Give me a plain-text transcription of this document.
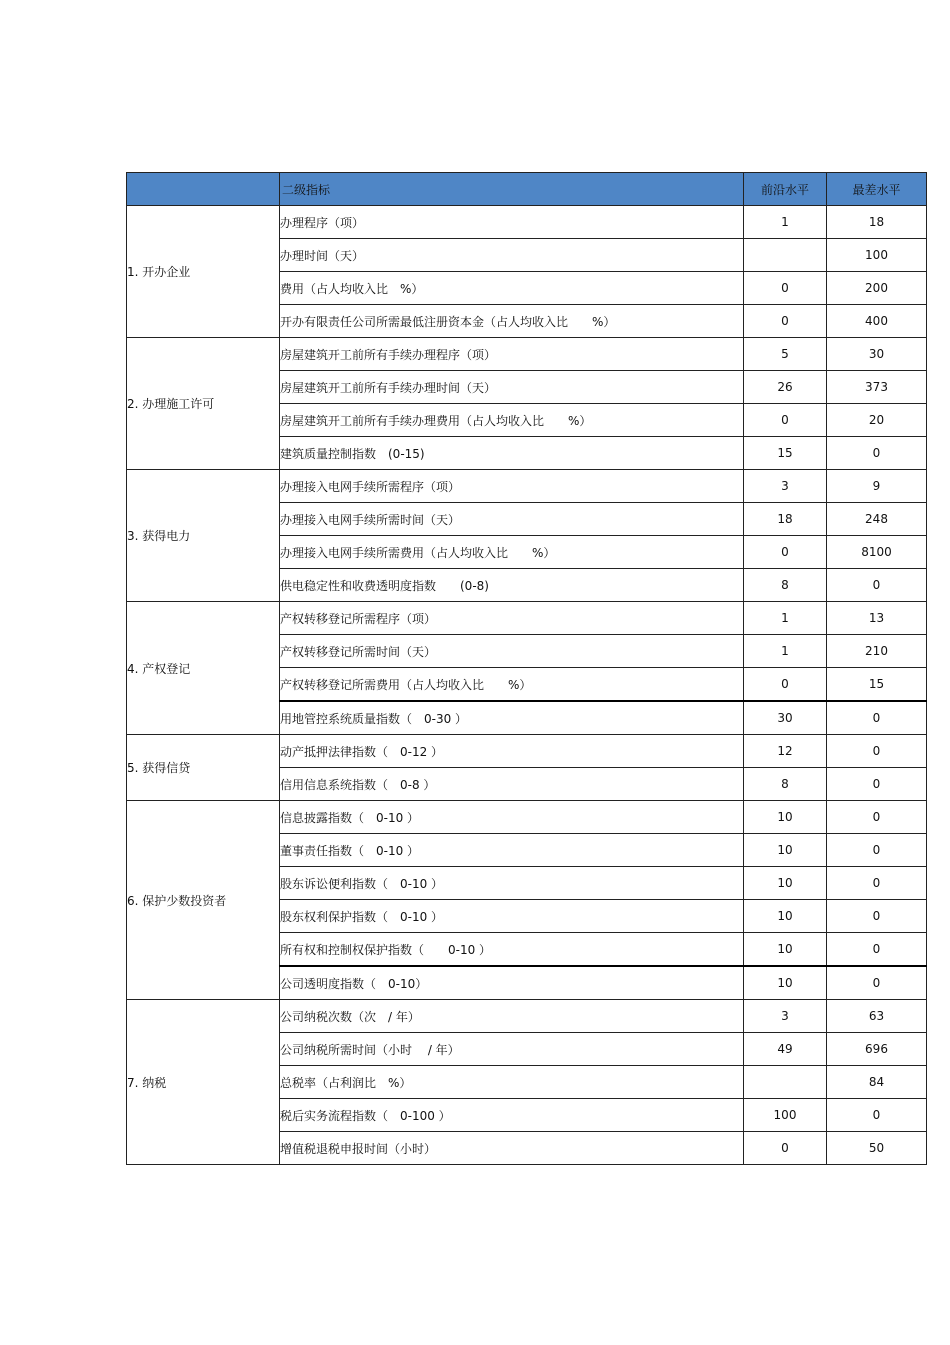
	二级指标	前沿水平	最差水平
1. 开办企业	办理程序（项）	1	18
	办理时间（天）		100
	费用（占人均收入比　%）	0	200
	开办有限责任公司所需最低注册资本金（占人均收入比　　%）	0	400
2. 办理施工许可	房屋建筑开工前所有手续办理程序（项）	5	30
	房屋建筑开工前所有手续办理时间（天）	26	373
	房屋建筑开工前所有手续办理费用（占人均收入比　　%）	0	20
	建筑质量控制指数　(0-15)	15	0
3. 获得电力	办理接入电网手续所需程序（项）	3	9
	办理接入电网手续所需时间（天）	18	248
	办理接入电网手续所需费用（占人均收入比　　%）	0	8100
	供电稳定性和收费透明度指数　　(0-8)	8	0
4. 产权登记	产权转移登记所需程序（项）	1	13
	产权转移登记所需时间（天）	1	210
	产权转移登记所需费用（占人均收入比　　%）	0	15
	用地管控系统质量指数（　0-30 ）	30	0
5. 获得信贷	动产抵押法律指数（　0-12 ）	12	0
	信用信息系统指数（　0-8 ）	8	0
6. 保护少数投资者	信息披露指数（　0-10 ）	10	0
	董事责任指数（　0-10 ）	10	0
	股东诉讼便利指数（　0-10 ）	10	0
	股东权利保护指数（　0-10 ）	10	0
	所有权和控制权保护指数（　　0-10 ）	10	0
	公司透明度指数（　0-10）	10	0
7. 纳税	公司纳税次数（次　/ 年）	3	63
	公司纳税所需时间（小时　 / 年）	49	696
	总税率（占利润比　%）		84
	税后实务流程指数（　0-100 ）	100	0
	增值税退税申报时间（小时）	0	50
